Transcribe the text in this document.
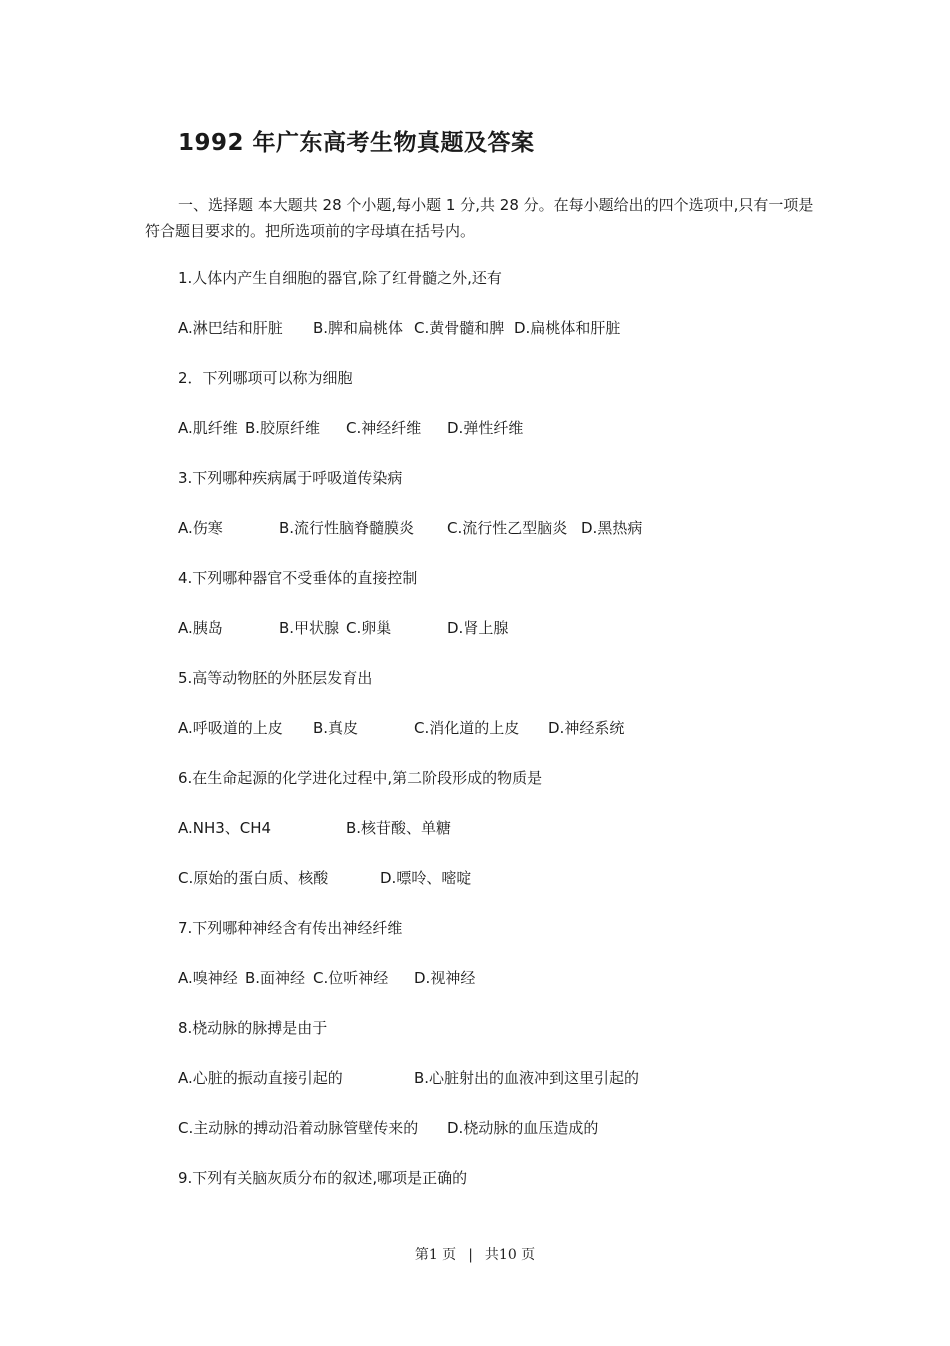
1992 年广东高考生物真题及答案
一、选择题 本大题共 28 个小题,每小题 1 分,共 28 分。在每小题给出的四个选项中,只有一项是符合题目要求的。把所选项前的字母填在括号内。
1.人体内产生自细胞的器官,除了红骨髓之外,还有
A.淋巴结和肝脏 B.脾和扁桃体 C.黄骨髓和脾 D.扁桃体和肝脏
2．下列哪项可以称为细胞
A.肌纤维 B.胶原纤维 C.神经纤维 D.弹性纤维
3.下列哪种疾病属于呼吸道传染病
A.伤寒	B.流行性脑脊髓膜炎 C.流行性乙型脑炎 D.黑热病
4.下列哪种器官不受垂体的直接控制
A.胰岛	B.甲状腺 C.卵巢	D.肾上腺
5.高等动物胚的外胚层发育出
A.呼吸道的上皮 B.真皮	C.消化道的上皮 D.神经系统
6.在生命起源的化学进化过程中,第二阶段形成的物质是
A.NH3、CH4	B.核苷酸、单糖
C.原始的蛋白质、核酸	D.嘌呤、嘧啶
7.下列哪种神经含有传出神经纤维
A.嗅神经 B.面神经 C.位听神经 D.视神经
8.桡动脉的脉搏是由于
A.心脏的振动直接引起的	B.心脏射出的血液冲到这里引起的
C.主动脉的搏动沿着动脉管壁传来的 D.桡动脉的血压造成的
9.下列有关脑灰质分布的叙述,哪项是正确的
第1 页 | 共10 页
